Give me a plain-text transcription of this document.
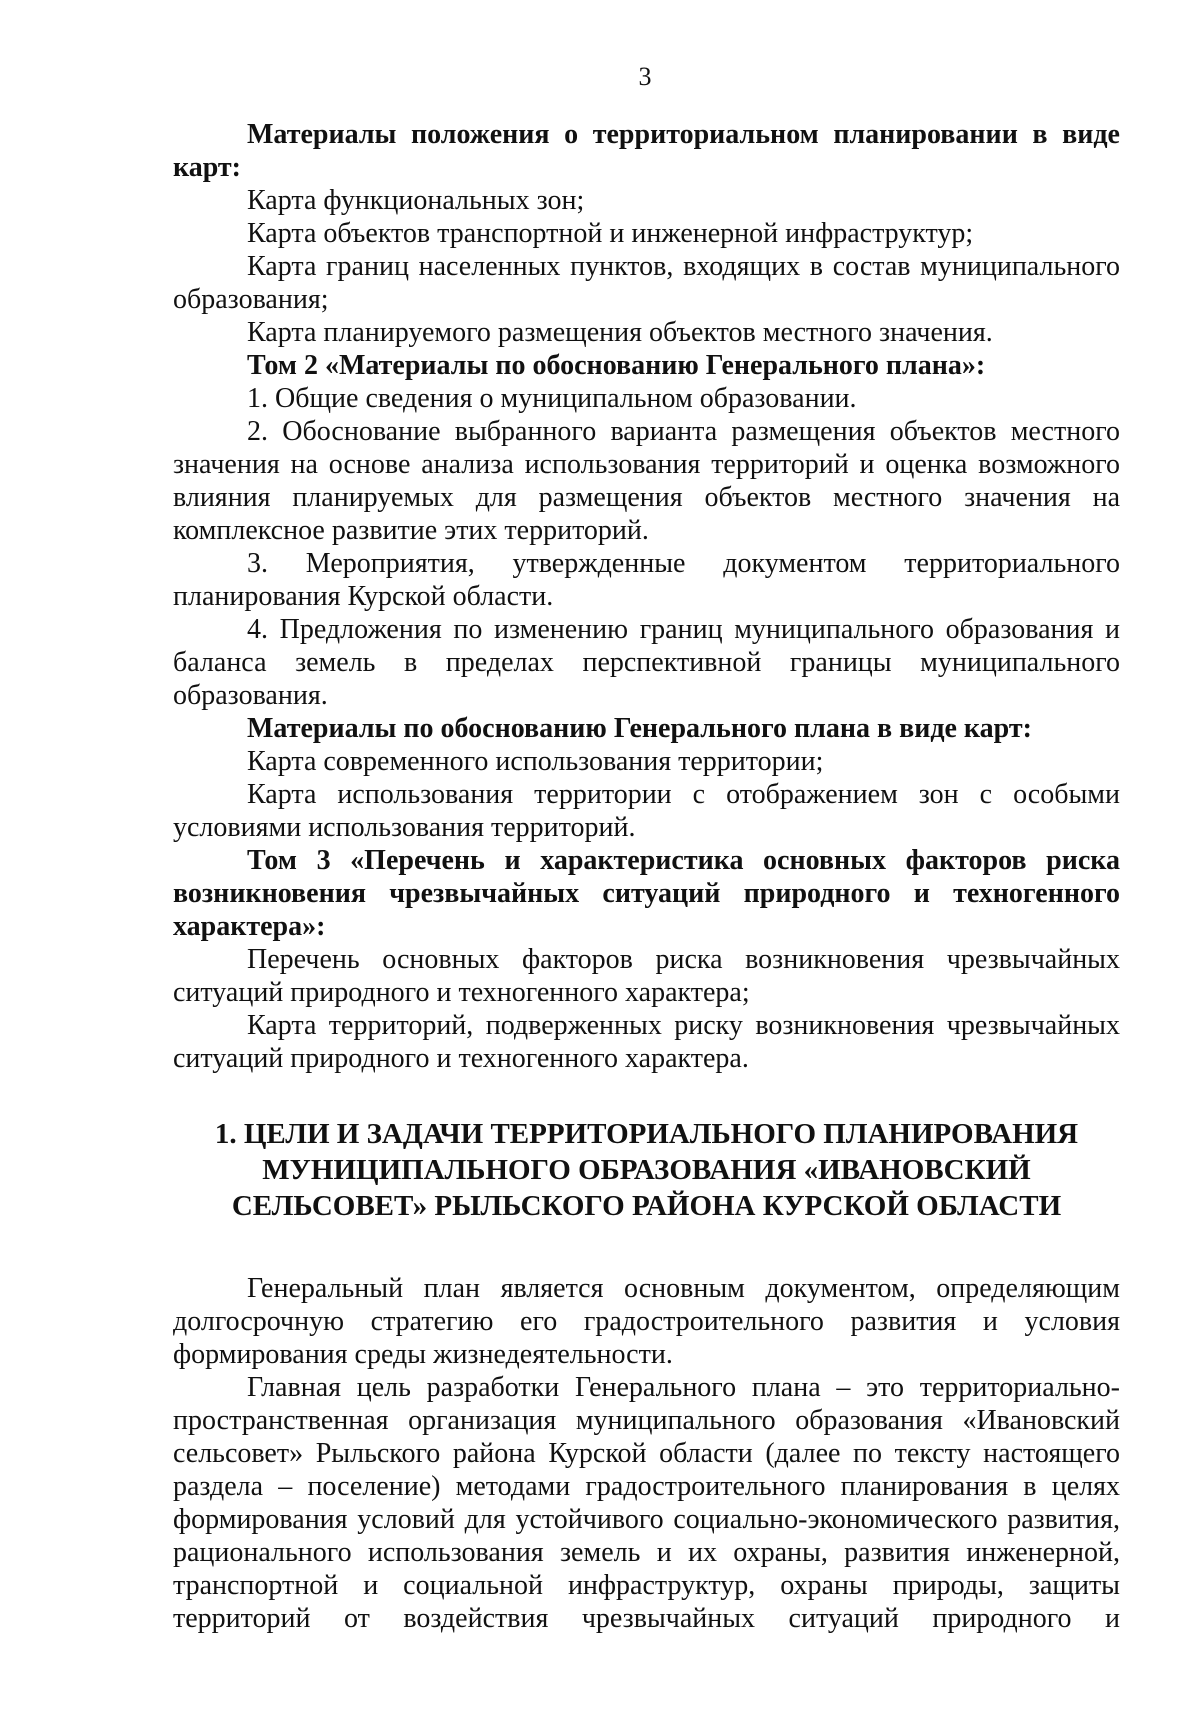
3

Материалы положения о территориальном планировании в виде карт:

Карта функциональных зон;

Карта объектов транспортной и инженерной инфраструктур;

Карта границ населенных пунктов, входящих в состав муниципального образования;

Карта планируемого размещения объектов местного значения.

Том 2 «Материалы по обоснованию Генерального плана»:

1. Общие сведения о муниципальном образовании.

2. Обоснование выбранного варианта размещения объектов местного значения на основе анализа использования территорий и оценка возможного влияния планируемых для размещения объектов местного значения на комплексное развитие этих территорий.

3. Мероприятия, утвержденные документом территориального планирования Курской области.

4. Предложения по изменению границ муниципального образования и баланса земель в пределах перспективной границы муниципального образования.

Материалы по обоснованию Генерального плана в виде карт:

Карта современного использования территории;

Карта использования территории с отображением зон с особыми условиями использования территорий.

Том 3 «Перечень и характеристика основных факторов риска возникновения чрезвычайных ситуаций природного и техногенного характера»:

Перечень основных факторов риска возникновения чрезвычайных ситуаций природного и техногенного характера;

Карта территорий, подверженных риску возникновения чрезвычайных ситуаций природного и техногенного характера.

1. ЦЕЛИ И ЗАДАЧИ ТЕРРИТОРИАЛЬНОГО ПЛАНИРОВАНИЯ
МУНИЦИПАЛЬНОГО ОБРАЗОВАНИЯ «ИВАНОВСКИЙ
СЕЛЬСОВЕТ» РЫЛЬСКОГО РАЙОНА КУРСКОЙ ОБЛАСТИ

Генеральный план является основным документом, определяющим долгосрочную стратегию его градостроительного развития и условия формирования среды жизнедеятельности.

Главная цель разработки Генерального плана – это территориально-пространственная организация муниципального образования «Ивановский сельсовет» Рыльского района Курской области (далее по тексту настоящего раздела – поселение) методами градостроительного планирования в целях формирования условий для устойчивого социально-экономического развития, рационального использования земель и их охраны, развития инженерной, транспортной и социальной инфраструктур, охраны природы, защиты территорий от воздействия чрезвычайных ситуаций природного и
